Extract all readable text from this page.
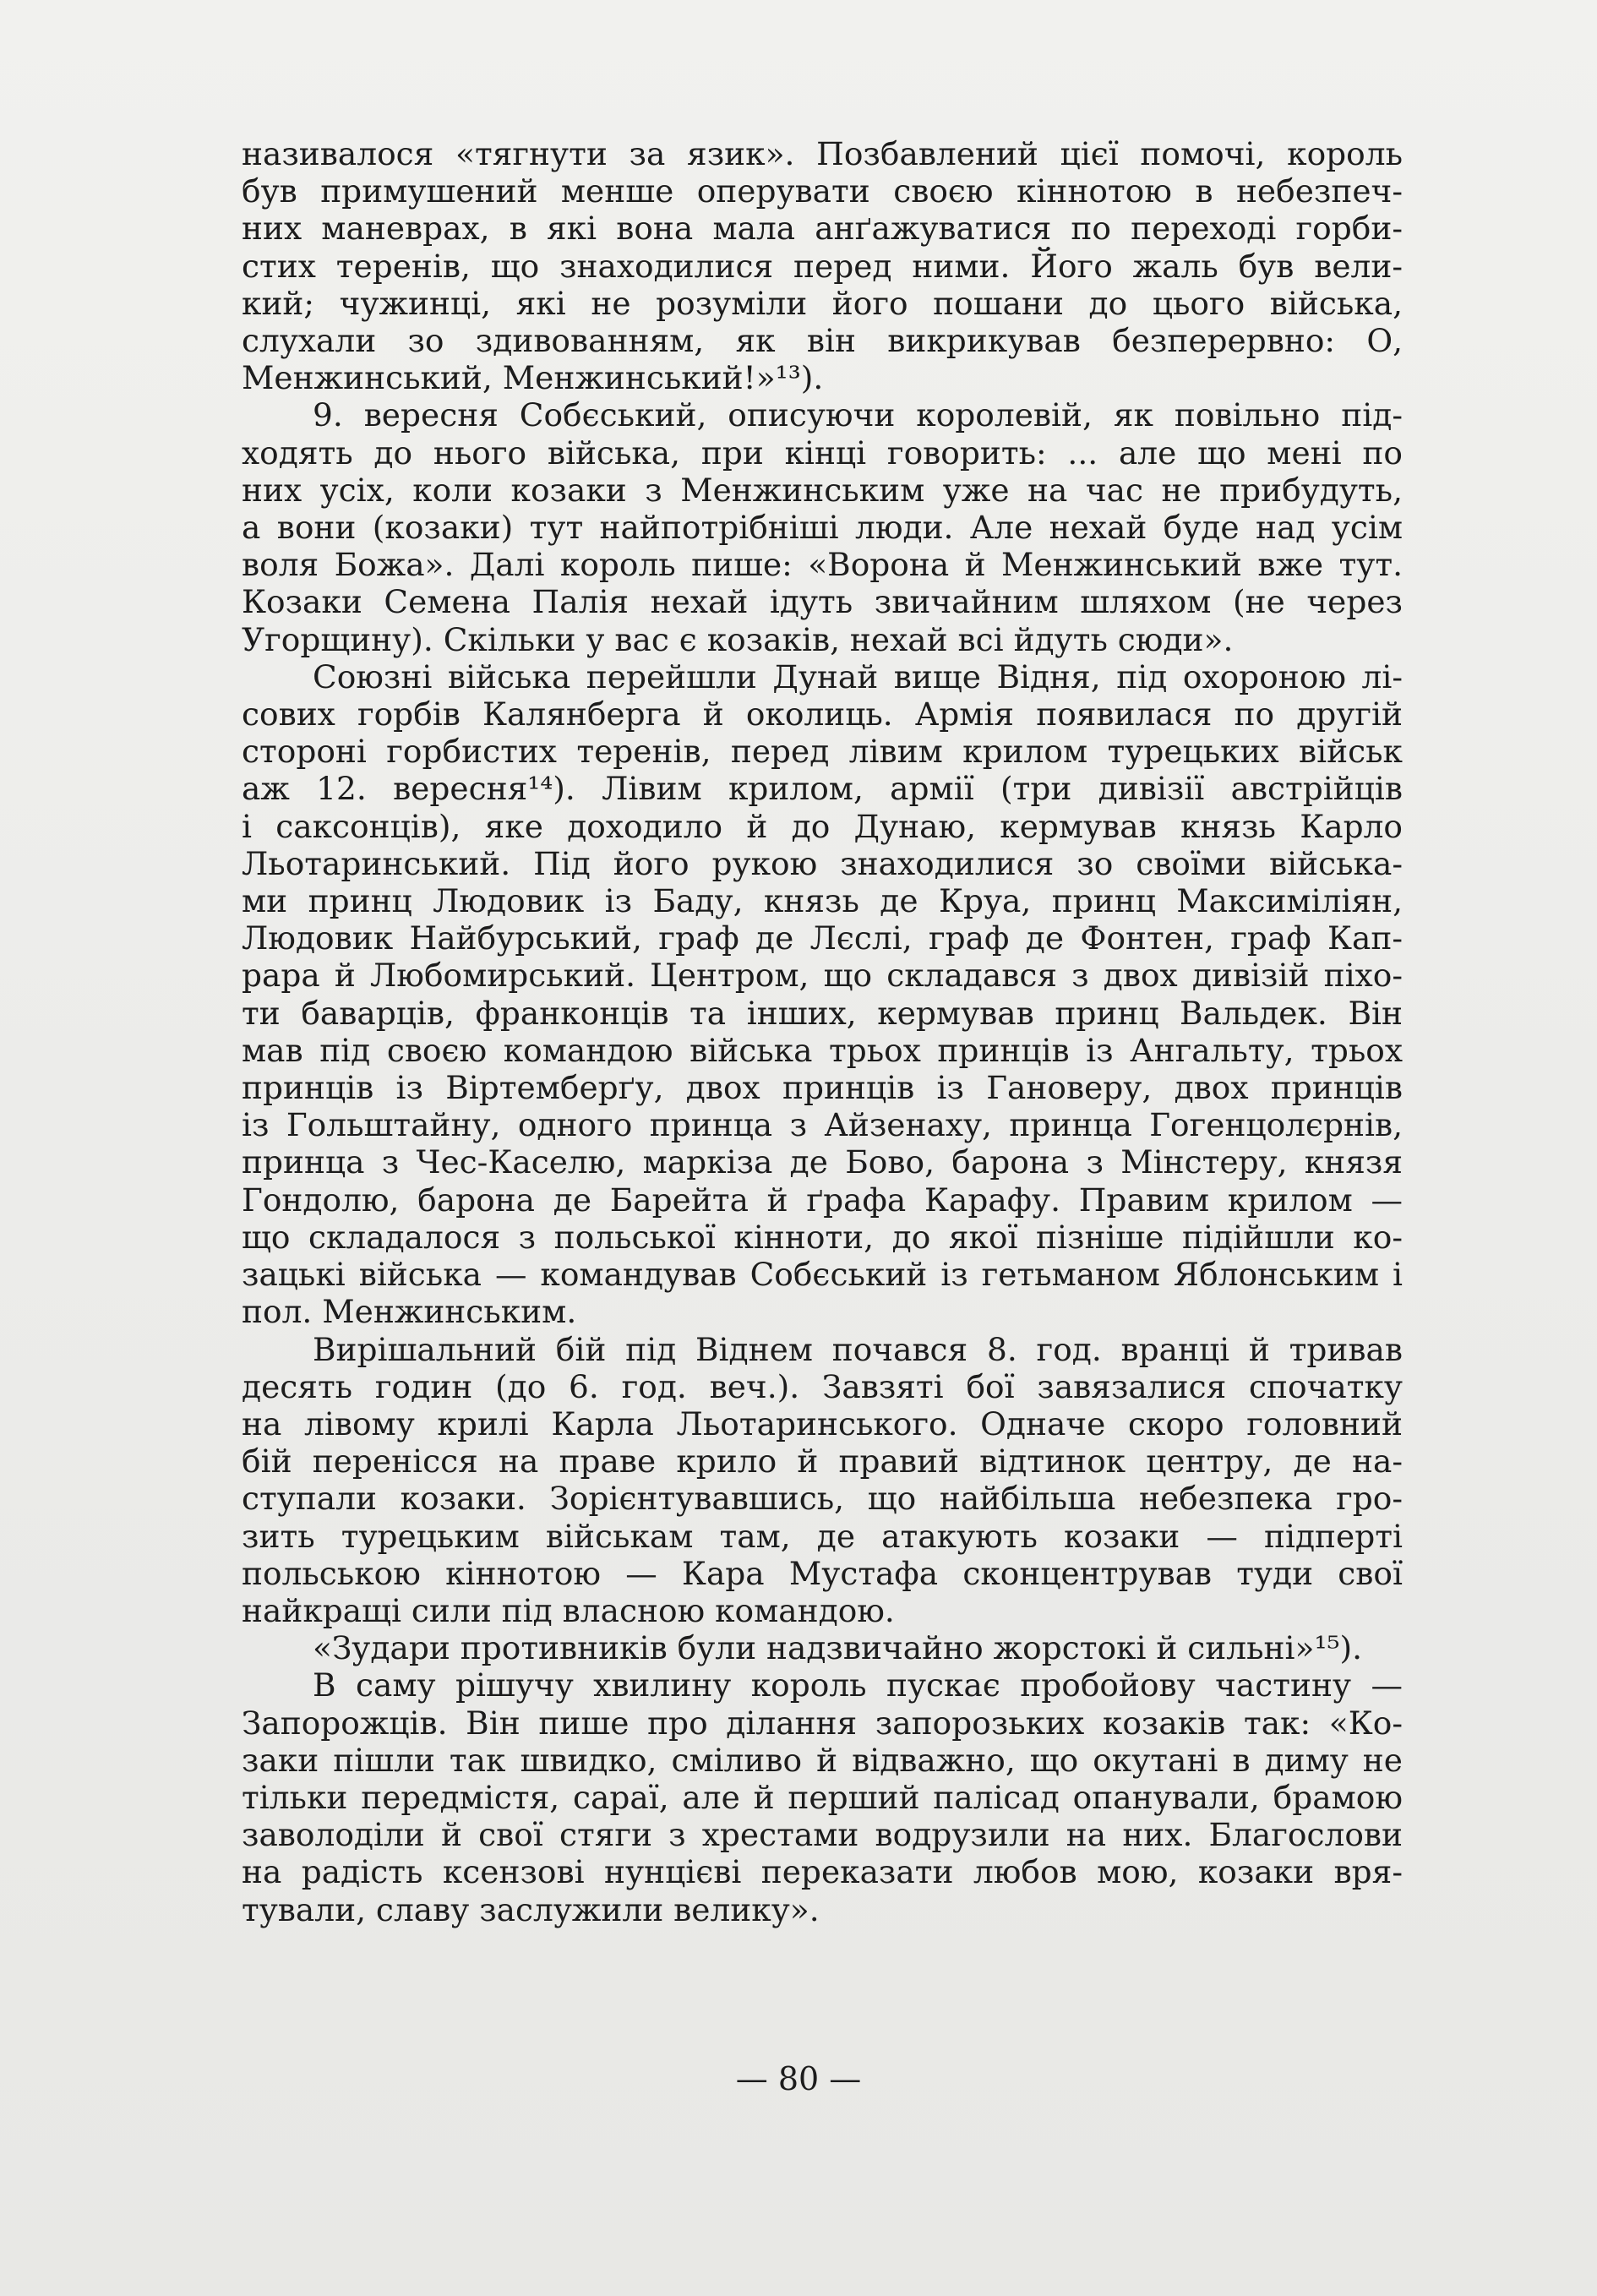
називалося «тягнути за язик». Позбавлений цієї помочі, король
був примушений менше оперувати своєю кіннотою в небезпеч-
них маневрах, в які вона мала анґажуватися по переході горби-
стих теренів, що знаходилися перед ними. Його жаль був вели-
кий; чужинці, які не розуміли його пошани до цього війська,
слухали зо здивованням, як він викрикував безперервно: О,
Менжинський, Менжинський!»¹³).

9. вересня Собєський, описуючи королевій, як повільно під-
ходять до нього війська, при кінці говорить: ... але що мені по
них усіх, коли козаки з Менжинським уже на час не прибудуть,
а вони (козаки) тут найпотрібніші люди. Але нехай буде над усім
воля Божа». Далі король пише: «Ворона й Менжинський вже тут.
Козаки Семена Палія нехай ідуть звичайним шляхом (не через
Угорщину). Скільки у вас є козаків, нехай всі йдуть сюди».

Союзні війська перейшли Дунай вище Відня, під охороною лі-
сових горбів Калянберга й околиць. Армія появилася по другій
стороні горбистих теренів, перед лівим крилом турецьких військ
аж 12. вересня¹⁴). Лівим крилом, армії (три дивізії австрійців
і саксонців), яке доходило й до Дунаю, кермував князь Карло
Льотаринський. Під його рукою знаходилися зо своїми війська-
ми принц Людовик із Баду, князь де Круа, принц Максиміліян,
Людовик Найбурський, граф де Лєслі, граф де Фонтен, граф Кап-
рара й Любомирський. Центром, що складався з двох дивізій піхо-
ти баварців, франконців та інших, кермував принц Вальдек. Він
мав під своєю командою війська трьох принців із Ангальту, трьох
принців із Віртемберґу, двох принців із Гановеру, двох принців
із Гольштайну, одного принца з Айзенаху, принца Гогенцолєрнів,
принца з Чес-Каселю, маркіза де Бово, барона з Мінстеру, князя
Гондолю, барона де Барейта й ґрафа Карафу. Правим крилом —
що складалося з польської кінноти, до якої пізніше підійшли ко-
зацькі війська — командував Собєський із гетьманом Яблонським і
пол. Менжинським.

Вирішальний бій під Віднем почався 8. год. вранці й тривав
десять годин (до 6. год. веч.). Завзяті бої завязалися спочатку
на лівому крилі Карла Льотаринського. Одначе скоро головний
бій перенісся на праве крило й правий відтинок центру, де на-
ступали козаки. Зорієнтувавшись, що найбільша небезпека гро-
зить турецьким військам там, де атакують козаки — підперті
польською кіннотою — Кара Мустафа сконцентрував туди свої
найкращі сили під власною командою.

«Зудари противників були надзвичайно жорстокі й сильні»¹⁵).

В саму рішучу хвилину король пускає пробойову частину —
Запорожців. Він пише про ділання запорозьких козаків так: «Ко-
заки пішли так швидко, сміливо й відважно, що окутані в диму не
тільки передмістя, сараї, але й перший палісад опанували, брамою
заволоділи й свої стяги з хрестами водрузили на них. Благослови
на радість ксензові нунцієві переказати любов мою, козаки вря-
тували, славу заслужили велику».

— 80 —
